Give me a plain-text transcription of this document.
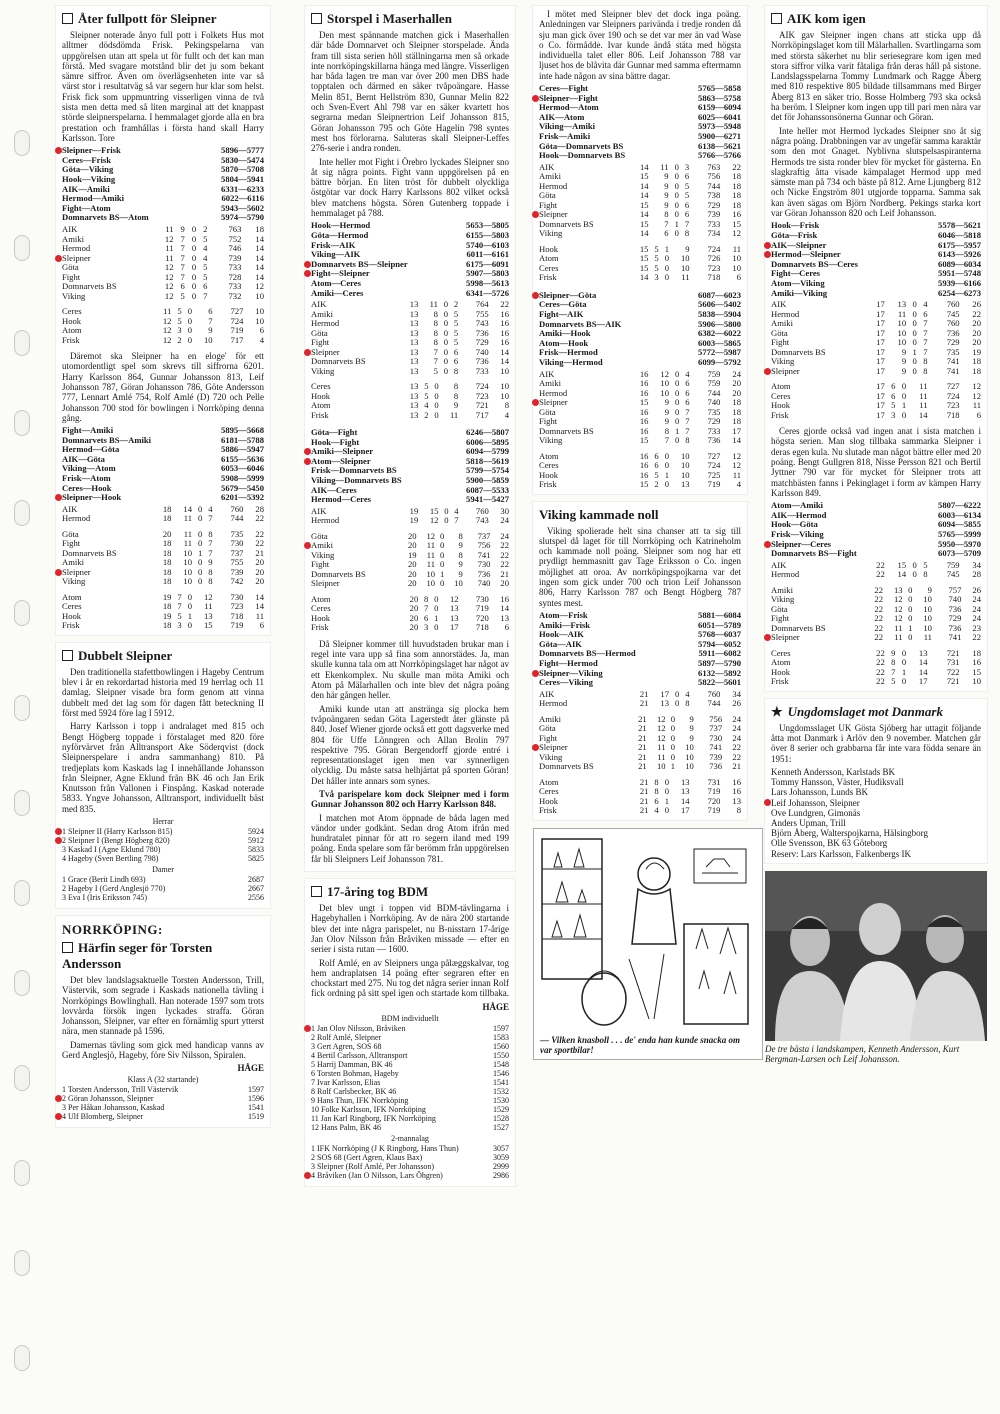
Åter fullpott för Sleipner

Sleipner noterade ånyo full pott i Folkets Hus mot alltmer dödsdömda Frisk. Pekingspelarna van uppgörelsen utan att spela ut för fullt och det kan man förstå. Med svagare motstånd blir det ju som bekant sämre siffror. Även om överlägsenheten inte var så värst stor i resultatväg så var segern hur klar som helst. Frisk fick som uppmuntring visserligen vinna de två sista men detta med så liten marginal att det knappast störde sleipnerspelarna. I hemmalaget gjorde alla en bra prestation och framhållas i första hand skall Harry Karlsson. Tore

Sleipner—Frisk	5896—5777
Ceres—Frisk	5830—5474
Göta—Viking	5870—5708
Hook—Viking	5804—5941
AIK—Amiki	6331—6233
Hermod—Amiki	6022—6116
Fight—Atom	5943—5602
Domnarvets BS—Atom	5974—5790
AIK	11	9	0	2	763	18
Amiki	12	7	0	5	752	14
Hermod	11	7	0	4	746	14
Sleipner	11	7	0	4	739	14
Göta	12	7	0	5	733	14
Fight	12	7	0	5	728	14
Domnarvets BS	12	6	0	6	733	12
Viking	12	5	0	7	732	10
Ceres	11	5	0	6	727	10
Hook	12	5	0	7	724	10
Atom	12	3	0	9	719	6
Frisk	12	2	0	10	717	4

Däremot ska Sleipner ha en eloge' för ett utomordentligt spel som skrevs till siffrorna 6201. Harry Karlsson 864, Gunnar Johansson 813, Leif Johansson 787, Göran Johansson 786, Göte Andersson 777, Lennart Amlé 754, Rolf Amlé (D) 720 och Pelle Johansson 700 stod för bowlingen i Norrköping denna gång.

Fight—Amiki	5895—5668
Domnarvets BS—Amiki	6181—5788
Hermod—Göta	5886—5947
AIK—Göta	6155—5636
Viking—Atom	6053—6046
Frisk—Atom	5908—5999
Ceres—Hook	5679—5450
Sleipner—Hook	6201—5392
AIK	18	14	0	4	760	28
Hermod	18	11	0	7	744	22
Göta	20	11	0	8	735	22
Fight	18	11	0	7	730	22
Domnarvets BS	18	10	1	7	737	21
Amiki	18	10	0	9	755	20
Sleipner	18	10	0	8	739	20
Viking	18	10	0	8	742	20
Atom	19	7	0	12	730	14
Ceres	18	7	0	11	723	14
Hook	19	5	1	13	718	11
Frisk	18	3	0	15	719	6
Dubbelt Sleipner

Den traditionella stafettbowlingen i Hageby Centrum blev i år en rekordartad historia med 19 herrlag och 11 damlag. Sleipner visade bra form genom att vinna dubbelt med det lag som för dagen fått beteckning II först med 5924 före lag I 5912.

Harry Karlsson i topp i andralaget med 815 och Bengt Högberg toppade i förstalaget med 820 före nyförvärvet från Alltransport Ake Söderqvist (dock Sleipnerspelare i andra sammanhang) 810. På tredjeplats kom Kaskads lag I innehållande Johansson från Sleipner, Agne Eklund från BK 46 och Jan Erik Knutsson från Vallonen i Finspång. Kaskad noterade 5833. Yngve Johansson, Alltransport, individuellt bäst med 835.

Herrar
1 Sleipner II (Harry Karlsson 815)	5924
2 Sleipner I (Bengt Högberg 820)	5912
3 Kaskad I (Agne Eklund 780)	5833
4 Hageby (Sven Bertling 798)	5825
Damer
1 Grace (Berit Lindh 693)	2687
2 Hageby I (Gerd Anglesjö 770)	2667
3 Eva I (Iris Eriksson 745)	2556
NORRKÖPING:
Härfin seger för Torsten Andersson

Det blev landslagsaktuelle Torsten Andersson, Trill, Västervik, som segrade i Kaskads nationella tävling i Norrköpings Bowlinghall. Han noterade 1597 som trots lovvärda försök ingen lyckades straffa. Göran Johansson, Sleipner, var efter en förnämlig spurt ytterst nära, men stannade på 1596.

Damernas tävling som gick med handicap vanns av Gerd Anglesjö, Hageby, före Siv Nilsson, Spiralen.

HÅGE
Klass A (32 startande)
1 Torsten Andersson, Trill Västervik	1597
2 Göran Johansson, Sleipner	1596
3 Per Håkan Johansson, Kaskad	1541
4 Ulf Blomberg, Sleipner	1519
Storspel i Maserhallen

Den mest spännande matchen gick i Maserhallen där både Domnarvet och Sleipner storspelade. Ända fram till sista serien höll ställningarna men så orkade inte norrköpingskillarna hänga med längre. Visserligen har båda lagen tre man var över 200 men DBS hade topptalen och därmed en säker tvåpoängare. Hasse Melin 851, Bernt Hellström 830, Gunnar Melin 822 och Sven-Evert Ahl 798 var en säker kvartett hos segrarna medan Sleipnertrion Leif Johansson 815, Göran Johansson 795 och Göte Hagelin 798 syntes mest hos förlorarna. Saluteras skall Sleipner-Leffes 276-serie i andra ronden.

Inte heller mot Fight i Örebro lyckades Sleipner sno åt sig några points. Fight vann uppgörelsen på en bättre början. En liten tröst för dubbelt olyckliga östgötar var dock Harry Karlssons 802 vilket också blev matchens högsta. Sören Gutenberg toppade i hemmalaget på 788.

Hook—Hermod	5653—5805
Göta—Hermod	6155—5803
Frisk—AIK	5740—6103
Viking—AIK	6011—6161
Domnarvets BS—Sleipner	6175—6091
Fight—Sleipner	5907—5803
Atom—Ceres	5998—5613
Amiki—Ceres	6341—5726
AIK	13	11	0	2	764	22
Amiki	13	8	0	5	755	16
Hermod	13	8	0	5	743	16
Göta	13	8	0	5	736	16
Fight	13	8	0	5	729	16
Sleipner	13	7	0	6	740	14
Domnarvets BS	13	7	0	6	736	14
Viking	13	5	0	8	733	10
Ceres	13	5	0	8	724	10
Hook	13	5	0	8	723	10
Atom	13	4	0	9	721	8
Frisk	13	2	0	11	717	4
Göta—Fight	6246—5807
Hook—Fight	6006—5895
Amiki—Sleipner	6094—5799
Atom—Sleipner	5818—5619
Frisk—Domnarvets BS	5799—5754
Viking—Domnarvets BS	5900—5859
AIK—Ceres	6087—5533
Hermod—Ceres	5941—5427
AIK	19	15	0	4	760	30
Hermod	19	12	0	7	743	24
Göta	20	12	0	8	737	24
Amiki	20	11	0	9	756	22
Viking	19	11	0	8	741	22
Fight	20	11	0	9	730	22
Domnarvets BS	20	10	1	9	736	21
Sleipner	20	10	0	10	740	20
Atom	20	8	0	12	730	16
Ceres	20	7	0	13	719	14
Hook	20	6	1	13	720	13
Frisk	20	3	0	17	718	6

Då Sleipner kommer till huvudstaden brukar man i regel inte vara upp så fina som annorstädes. Ja, man skulle kunna tala om att Norrköpingslaget har något av ett Ekenkomplex. Nu skulle man möta Amiki och Atom på Mälarhallen och inte blev det några poäng den här gången heller.

Amiki kunde utan att anstränga sig plocka hem tvåpoängaren sedan Göta Lagerstedt åter glänste på 840. Josef Wiener gjorde också ett gott dagsverke med 804 för Uffe Lönngren och Allan Brolin 797 respektive 795. Göran Bergendorff gjorde entré i representationslaget igen men var synnerligen olycklig. Du måste satsa helhjärtat på sporten Göran! Det håller inte annars som synes.

Två parispelare kom dock Sleipner med i form Gunnar Johansson 802 och Harry Karlsson 848.

I matchen mot Atom öppnade de båda lagen med vändor under godkänt. Sedan drog Atom ifrån med hundratalet pinnar för att ro segern iland med 199 poäng. Enda spelare som får berömm från uppgörelsen får bli Sleipners Leif Johansson 781.

17-åring tog BDM

Det blev ungt i toppen vid BDM-tävlingarna i Hagebyhallen i Norrköping. Av de nära 200 startande blev det inte några parispelet, nu B-nisstarn 17-årige Jan Olov Nilsson från Bråviken missade — efter en serier i sista rutan — 1600.

Rolf Amlé, en av Sleipners unga pålæggskalvar, tog hem andraplatsen 14 poäng efter segraren efter en chockstart med 275. Nu tog det några serier innan Rolf fick ordning på sitt spel igen och startade kom tillbaka.

HÅGE
BDM individuellt
1 Jan Olov Nilsson, Bråviken	1597
2 Rolf Amlé, Sleipner	1583
3 Gert Agren, SOS 68	1560
4 Bertil Carlsson, Alltransport	1550
5 Harrij Damman, BK 46	1548
6 Torsten Bohman, Hageby	1546
7 Ivar Karlsson, Elias	1541
8 Rolf Carlsbecker, BK 46	1532
9 Hans Thun, IFK Norrköping	1530
10 Folke Karlsson, IFK Norrköping	1529
11 Jan Karl Ringborg, IFK Norrköping	1528
12 Hans Palm, BK 46	1527
2-mannalag
1 IFK Norrköping (J K Ringborg, Hans Thun)	3057
2 SOS 68 (Gert Agren, Klaus Bax)	3059
3 Sleipner (Rolf Amlé, Per Johansson)	2999
4 Bråviken (Jan O Nilsson, Lars Öhgren)	2986

I mötet med Sleipner blev det dock inga poäng. Anledningen var Sleipners parivända i tredje ronden då sju man gick över 190 och se det var mer än vad Wase o Co. förmådde. Ivar kunde ändå stäta med högsta individuella talet eller 806. Leif Johansson 788 var ljuset hos de blåvita där Gunnar med samma eftermamn inte hade någon av sina bättre dagar.

Ceres—Fight	5765—5858
Sleipner—Fight	5863—5758
Hermod—Atom	6159—6094
AIK—Atom	6025—6041
Viking—Amiki	5973—5948
Frisk—Amiki	5900—6271
Göta—Domnarvets BS	6138—5621
Hook—Domnarvets BS	5766—5766
AIK	14	11	0	3	763	22
Amiki	15	9	0	6	756	18
Hermod	14	9	0	5	744	18
Göta	14	9	0	5	738	18
Fight	15	9	0	6	729	18
Sleipner	14	8	0	6	739	16
Domnarvets BS	15	7	1	7	733	15
Viking	14	6	0	8	734	12
Hook	15	5	1	9	724	11
Atom	15	5	0	10	726	10
Ceres	15	5	0	10	723	10
Frisk	14	3	0	11	718	6
Sleipner—Göta	6087—6023
Ceres—Göta	5606—5402
Fight—AIK	5838—5904
Domnarvets BS—AIK	5906—5800
Amiki—Hook	6382—6022
Atom—Hook	6003—5865
Frisk—Hermod	5772—5987
Viking—Hermod	6099—5792
AIK	16	12	0	4	759	24
Amiki	16	10	0	6	759	20
Hermod	16	10	0	6	744	20
Sleipner	15	9	0	6	740	18
Göta	16	9	0	7	735	18
Fight	16	9	0	7	729	18
Domnarvets BS	16	8	1	7	733	17
Viking	15	7	0	8	736	14
Atom	16	6	0	10	727	12
Ceres	16	6	0	10	724	12
Hook	16	5	1	10	725	11
Frisk	15	2	0	13	719	4
Viking kammade noll

Viking spolierade helt sina chanser att ta sig till slutspel då laget för till Norrköping och Katrineholm och kammade noll poäng. Sleipner som nog har ett prydligt hemmasnitt gav Tage Eriksson o Co. ingen möjlighet att oroa. Av norrköpingspojkarna var det ingen som gick under 700 och trion Leif Johansson 806, Harry Karlsson 787 och Bengt Högberg 787 syntes mest.

Atom—Frisk	5881—6084
Amiki—Frisk	6051—5789
Hook—AIK	5768—6037
Göta—AIK	5794—6052
Domnarvets BS—Hermod	5911—6082
Fight—Hermod	5897—5790
Sleipner—Viking	6132—5892
Ceres—Viking	5822—5601
AIK	21	17	0	4	760	34
Hermod	21	13	0	8	744	26
Amiki	21	12	0	9	756	24
Göta	21	12	0	9	737	24
Fight	21	12	0	9	730	24
Sleipner	21	11	0	10	741	22
Viking	21	11	0	10	739	22
Domnarvets BS	21	10	1	10	736	21
Atom	21	8	0	13	731	16
Ceres	21	8	0	13	719	16
Hook	21	6	1	14	720	13
Frisk	21	4	0	17	719	8
— Vilken knasboll . . . de' enda han kunde snacka om var sportbilar!
AIK kom igen

AIK gav Sleipner ingen chans att sticka upp då Norrköpingslaget kom till Mälarhallen. Svartlingarna som med största säkerhet nu blir seriesegrare kom igen med stora siffror vilka varit fåtaliga från deras håll på sistone. Landslagsspelarna Tommy Lundmark och Ragge Åberg med 810 respektive 805 bildade tillsammans med Birger Åberg 813 en säker trio. Bosse Holmberg 793 ska också ha beröm. I Sleipner kom ingen upp till pari men nära var det för Johanssonsönerna Gunnar och Göran.

Inte heller mot Hermod lyckades Sleipner sno åt sig några poäng. Drabbningen var av ungefär samma karaktär som den mot Gnaget. Nyblivna slutspelsaspiranterna Hermods tre sista ronder blev för mycket för gästerna. En slagkraftig åtta visade kämpalaget Hermod upp med sämste man på 734 och bäste på 812. Arne Ljungberg 812 och Nicke Engström 801 utgjorde topparna. Samma sak kan även sägas om Björn Nordberg. Pekings starka kort var Göran Johansson 820 och Leif Johansson.

Hook—Frisk	5578—5621
Göta—Frisk	6046—5818
AIK—Sleipner	6175—5957
Hermod—Sleipner	6143—5926
Domnarvets BS—Ceres	6089—6034
Fight—Ceres	5951—5748
Atom—Viking	5939—6166
Amiki—Viking	6254—6273
AIK	17	13	0	4	760	26
Hermod	17	11	0	6	745	22
Amiki	17	10	0	7	760	20
Göta	17	10	0	7	736	20
Fight	17	10	0	7	729	20
Domnarvets BS	17	9	1	7	735	19
Viking	17	9	0	8	741	18
Sleipner	17	9	0	8	741	18
Atom	17	6	0	11	727	12
Ceres	17	6	0	11	724	12
Hook	17	5	1	11	723	11
Frisk	17	3	0	14	718	6

Ceres gjorde också vad ingen anat i sista matchen i högsta serien. Man slog tillbaka sammarka Sleipner i deras egen kula. Nu slutade man något bättre eller med 20 poäng. Bengt Gullgren 818, Nisse Persson 821 och Bertil Jyttner 790 var för mycket för Sleipner trots att matchbästen fanns i Pekinglaget i form av kämpen Harry Karlsson 849.

Atom—Amiki	5807—6222
AIK—Hermod	6003—6134
Hook—Göta	6094—5855
Frisk—Viking	5765—5999
Sleipner—Ceres	5950—5970
Domnarvets BS—Fight	6073—5709
AIK	22	15	0	5	759	34
Hermod	22	14	0	8	745	28
Amiki	22	13	0	9	757	26
Viking	22	12	0	10	740	24
Göta	22	12	0	10	736	24
Fight	22	12	0	10	729	24
Domnarvets BS	22	11	1	10	736	23
Sleipner	22	11	0	11	741	22
Ceres	22	9	0	13	721	18
Atom	22	8	0	14	731	16
Hook	22	7	1	14	722	15
Frisk	22	5	0	17	721	10
★ Ungdomslaget mot Danmark

Ungdomsslaget UK Gösta Sjöberg har uttagit följande åtta mot Danmark i Arlöv den 9 november. Matchen går över 8 serier och grabbarna får inte vara födda senare än 1951:

Kenneth Andersson, Karlstads BK
Tommy Hansson, Väster, Hudiksvall
Lars Johansson, Lunds BK
Leif Johansson, Sleipner
Ove Lundgren, Gimonäs
Anders Upman, Trill
Björn Åberg, Walterspojkarna, Hälsingborg
Olle Svensson, BK 63 Göteborg
Reserv: Lars Karlsson, Falkenbergs IK
De tre bästa i landskampen, Kenneth Andersson, Kurt Bergman-Larsen och Leif Johansson.
